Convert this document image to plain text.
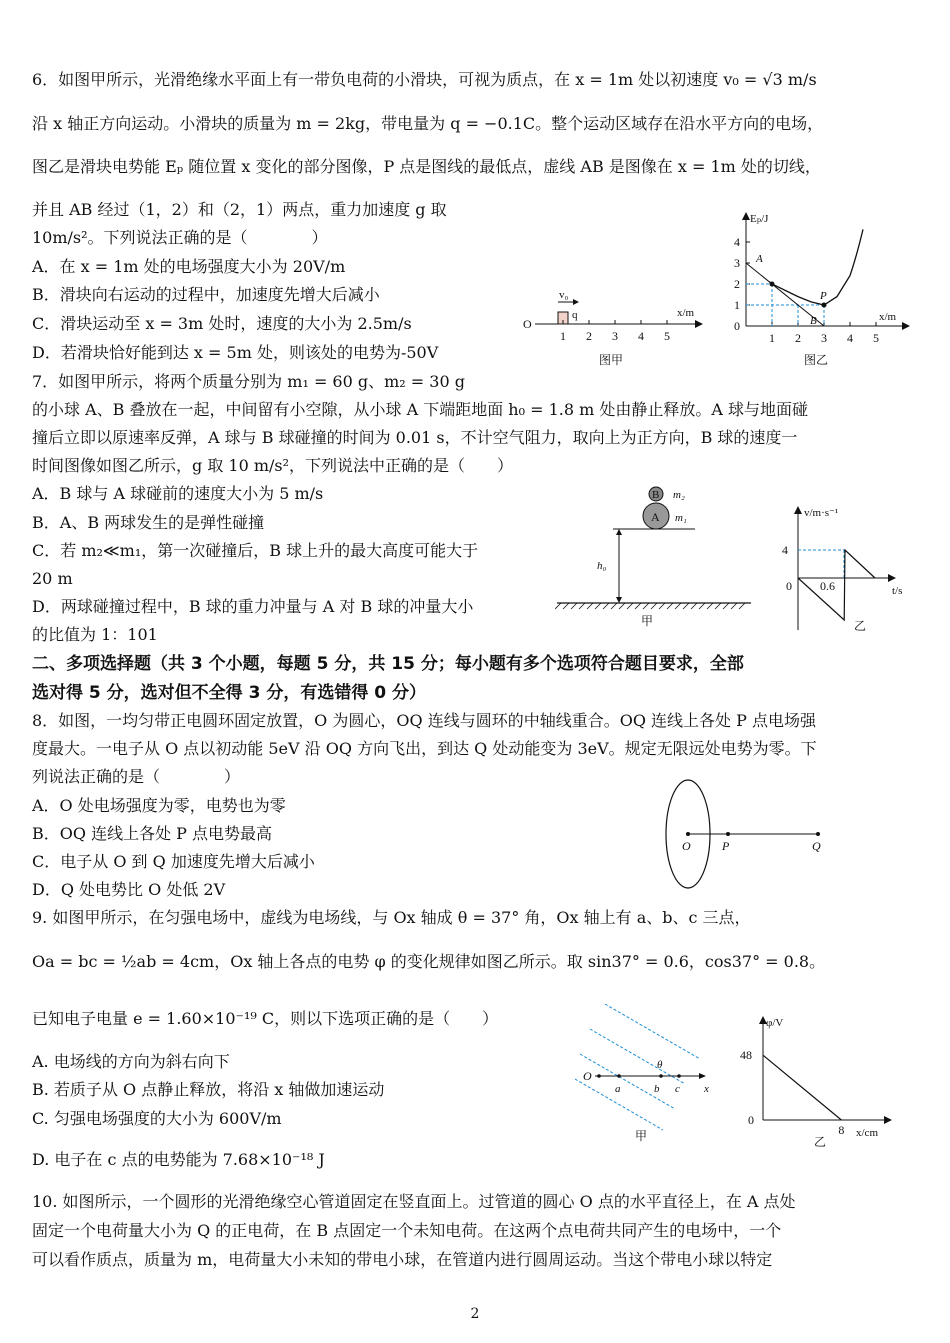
6．如图甲所示，光滑绝缘水平面上有一带负电荷的小滑块，可视为质点，在 x = 1m 处以初速度 v₀ = √3 m/s
沿 x 轴正方向运动。小滑块的质量为 m = 2kg，带电量为 q = −0.1C。整个运动区域存在沿水平方向的电场，
图乙是滑块电势能 Eₚ 随位置 x 变化的部分图像，P 点是图线的最低点，虚线 AB 是图像在 x = 1m 处的切线，
并且 AB 经过（1，2）和（2，1）两点，重力加速度 g 取
10m/s²。下列说法正确的是（　　　　）
A．在 x = 1m 处的电场强度大小为 20V/m
B．滑块向右运动的过程中，加速度先增大后减小
C．滑块运动至 x = 3m 处时，速度的大小为 2.5m/s
D．若滑块恰好能到达 x = 5m 处，则该处的电势为-50V
7．如图甲所示，将两个质量分别为 m₁ = 60 g、m₂ = 30 g
的小球 A、B 叠放在一起，中间留有小空隙，从小球 A 下端距地面 h₀ = 1.8 m 处由静止释放。A 球与地面碰
撞后立即以原速率反弹，A 球与 B 球碰撞的时间为 0.01 s，不计空气阻力，取向上为正方向，B 球的速度一
时间图像如图乙所示，g 取 10 m/s²，下列说法中正确的是（　　）
A．B 球与 A 球碰前的速度大小为 5 m/s
B．A、B 两球发生的是弹性碰撞
C．若 m₂≪m₁，第一次碰撞后，B 球上升的最大高度可能大于
20 m
D．两球碰撞过程中，B 球的重力冲量与 A 对 B 球的冲量大小
的比值为 1：101
二、多项选择题（共 3 个小题，每题 5 分，共 15 分；每小题有多个选项符合题目要求，全部
选对得 5 分，选对但不全得 3 分，有选错得 0 分）
8．如图，一均匀带正电圆环固定放置，O 为圆心，OQ 连线与圆环的中轴线重合。OQ 连线上各处 P 点电场强
度最大。一电子从 O 点以初动能 5eV 沿 OQ 方向飞出，到达 Q 处动能变为 3eV。规定无限远处电势为零。下
列说法正确的是（　　　　）
A．O 处电场强度为零，电势也为零
B．OQ 连线上各处 P 点电势最高
C．电子从 O 到 Q 加速度先增大后减小
D．Q 处电势比 O 处低 2V
9. 如图甲所示，在匀强电场中，虚线为电场线，与 Ox 轴成 θ = 37° 角，Ox 轴上有 a、b、c 三点，
Oa = bc = ½ab = 4cm，Ox 轴上各点的电势 φ 的变化规律如图乙所示。取 sin37° = 0.6，cos37° = 0.8。
已知电子电量 e = 1.60×10⁻¹⁹ C，则以下选项正确的是（　　）
A. 电场线的方向为斜右向下
B. 若质子从 O 点静止释放，将沿 x 轴做加速运动
C. 匀强电场强度的大小为 600V/m
D. 电子在 c 点的电势能为 7.68×10⁻¹⁸ J
10. 如图所示，一个圆形的光滑绝缘空心管道固定在竖直面上。过管道的圆心 O 点的水平直径上，在 A 点处
固定一个电荷量大小为 Q 的正电荷，在 B 点固定一个未知电荷。在这两个点电荷共同产生的电场中，一个
可以看作质点，质量为 m，电荷量大小未知的带电小球，在管道内进行圆周运动。当这个带电小球以特定
2
O
v₀
q	x/m
1 2 3 4 5
图甲
Eₚ/J
x/m
0
1
2
3
4
1 2 3 4 5
A
P
B
图乙
B
A
m₂
m₁
h₀
甲
v/m·s⁻¹
t/s
0
4
0.6
乙
O	P	Q
O
a	b c x
θ
甲
φ/V
x/cm
0
48
8
乙
